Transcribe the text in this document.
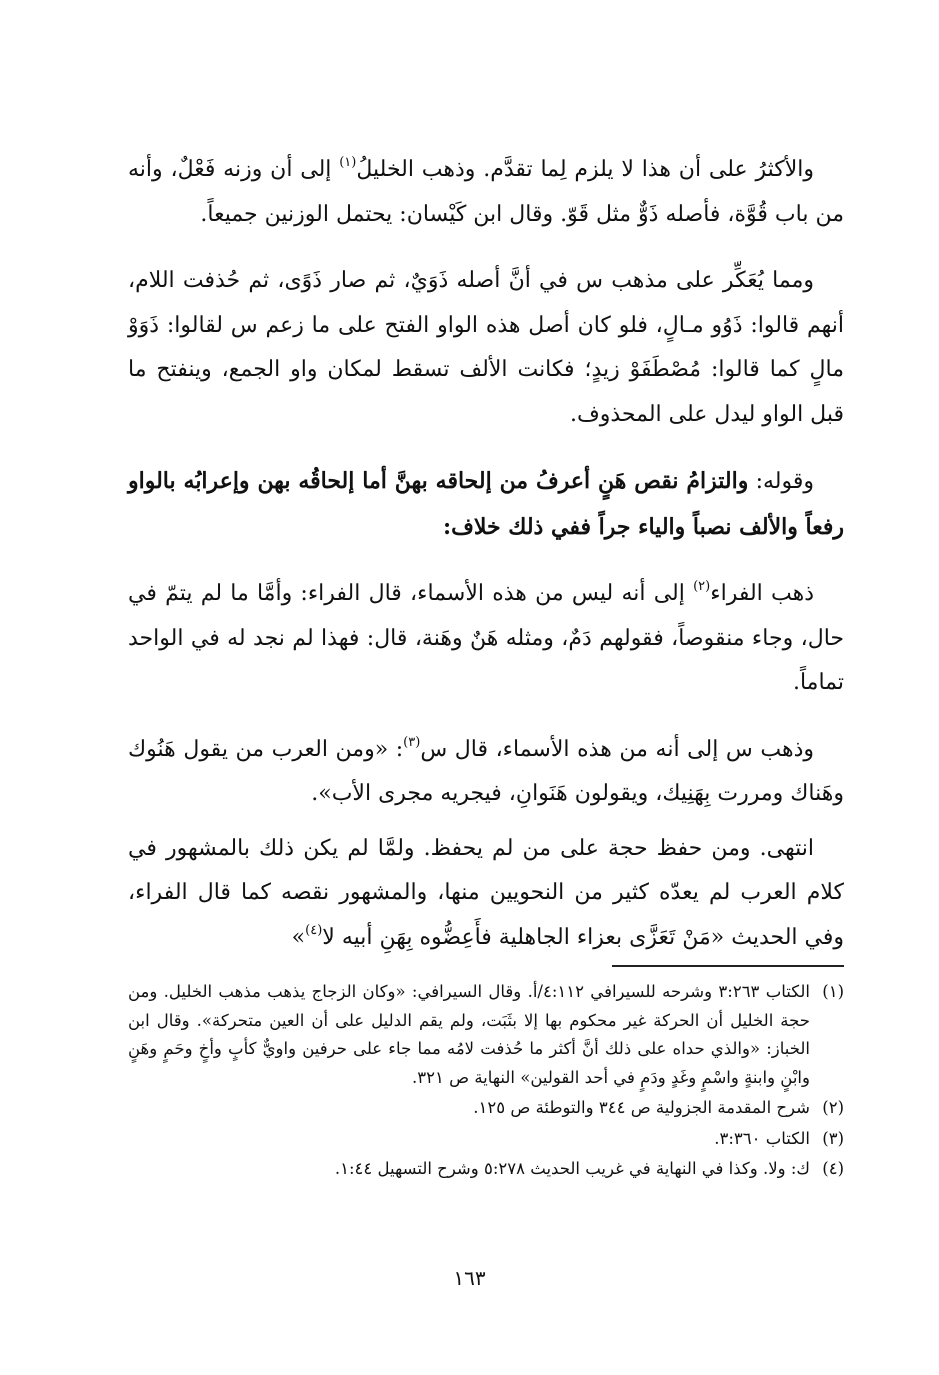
والأكثرُ على أن هذا لا يلزم لِما تقدَّم. وذهب الخليلُ$^{(١)}$ إلى أن وزنه فَعْلٌ، وأنه من باب قُوَّة، فأصله ذَوٌّ مثل قَوّ. وقال ابن كَيْسان: يحتمل الوزنين جميعاً.

ومما يُعَكِّر على مذهب س في أنَّ أصله ذَوَيٌ، ثم صار ذَوًى، ثم حُذفت اللام، أنهم قالوا: ذَوُو مـالٍ، فلو كان أصل هذه الواو الفتح على ما زعم س لقالوا: ذَوَوْ مالٍ كما قالوا: مُصْطَفَوْ زيدٍ؛ فكانت الألف تسقط لمكان واو الجمع، وينفتح ما قبل الواو ليدل على المحذوف.

وقوله: والتزامُ نقص هَنٍ أعرفُ من إلحاقه بهنَّ أما إلحاقُه بهن وإعرابُه بالواو رفعاً والألف نصباً والياء جراً ففي ذلك خلاف:

ذهب الفراء$^{(٢)}$ إلى أنه ليس من هذه الأسماء، قال الفراء: وأمَّا ما لم يتمّ في حال، وجاء منقوصاً، فقولهم دَمٌ، ومثله هَنٌ وهَنة، قال: فهذا لم نجد له في الواحد تماماً.

وذهب س إلى أنه من هذه الأسماء، قال س$^{(٣)}$: «ومن العرب من يقول هَنُوك وهَناك ومررت بِهَنِيك، ويقولون هَنَوانِ، فيجريه مجرى الأب».

انتهى. ومن حفظ حجة على من لم يحفظ. ولمَّا لم يكن ذلك بالمشهور في كلام العرب لم يعدّه كثير من النحويين منها، والمشهور نقصه كما قال الفراء، وفي الحديث «مَنْ تَعَزَّى بعزاء الجاهلية فأَعِضُّوه بِهَنِ أبيه لا$^{(٤)}$»

(١)
الكتاب ٣:٢٦٣ وشرحه للسيرافي ٤:١١٢/أ. وقال السيرافي: «وكان الزجاج يذهب مذهب الخليل. ومن حجة الخليل أن الحركة غير محكوم بها إلا بثَبَت، ولم يقم الدليل على أن العين متحركة». وقال ابن الخباز: «والذي حداه على ذلك أنَّ أكثر ما حُذفت لامُه مما جاء على حرفين واويٌّ كأبٍ وأخٍ وحَمٍ وهَنٍ وابْنٍ وابنةٍ واسْمٍ وغَدٍ ودَمٍ في أحد القولين» النهاية ص ٣٢١.
(٢)
شرح المقدمة الجزولية ص ٣٤٤ والتوطئة ص ١٢٥.
(٣)
الكتاب ٣:٣٦٠.
(٤)
ك: ولا. وكذا في النهاية في غريب الحديث ٥:٢٧٨ وشرح التسهيل ١:٤٤.
١٦٣
